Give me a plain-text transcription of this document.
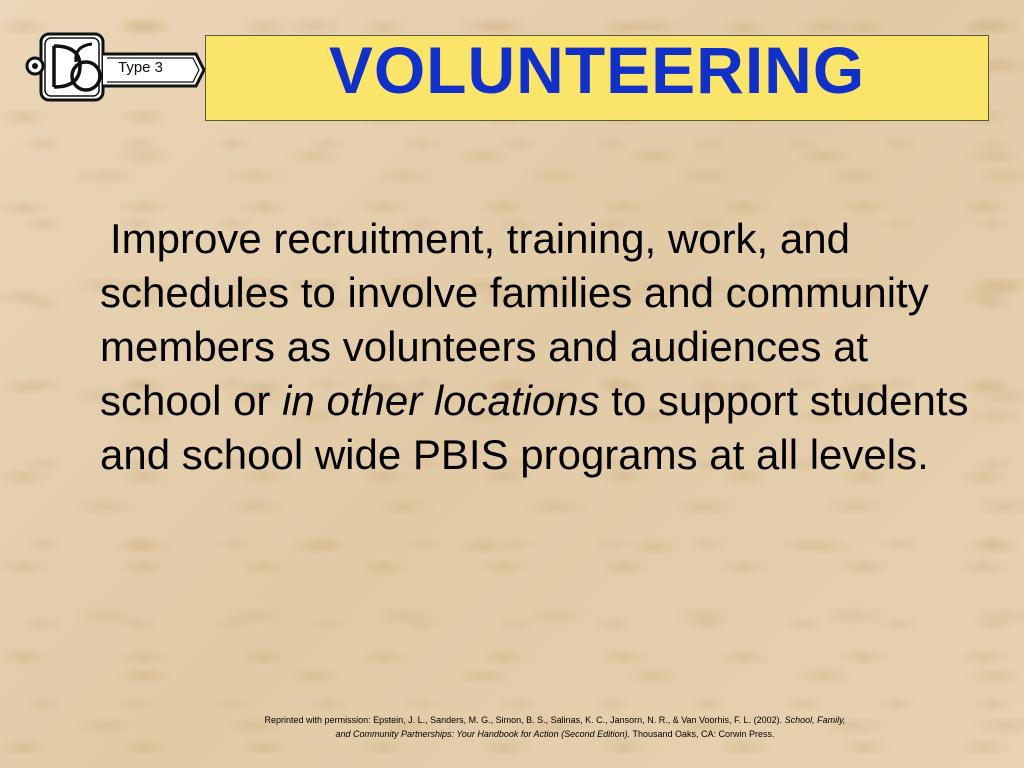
Type 3	VOLUNTEERING
Improve recruitment, training, work, and schedules to involve families and community members as volunteers and audiences at school or in other locations to support students and school wide PBIS programs at all levels.
Reprinted with permission: Epstein, J. L., Sanders, M. G., Simon, B. S., Salinas, K. C., Jansorn, N. R., & Van Voorhis, F. L. (2002). School, Family,
and Community Partnerships: Your Handbook for Action (Second Edition). Thousand Oaks, CA: Corwin Press.
